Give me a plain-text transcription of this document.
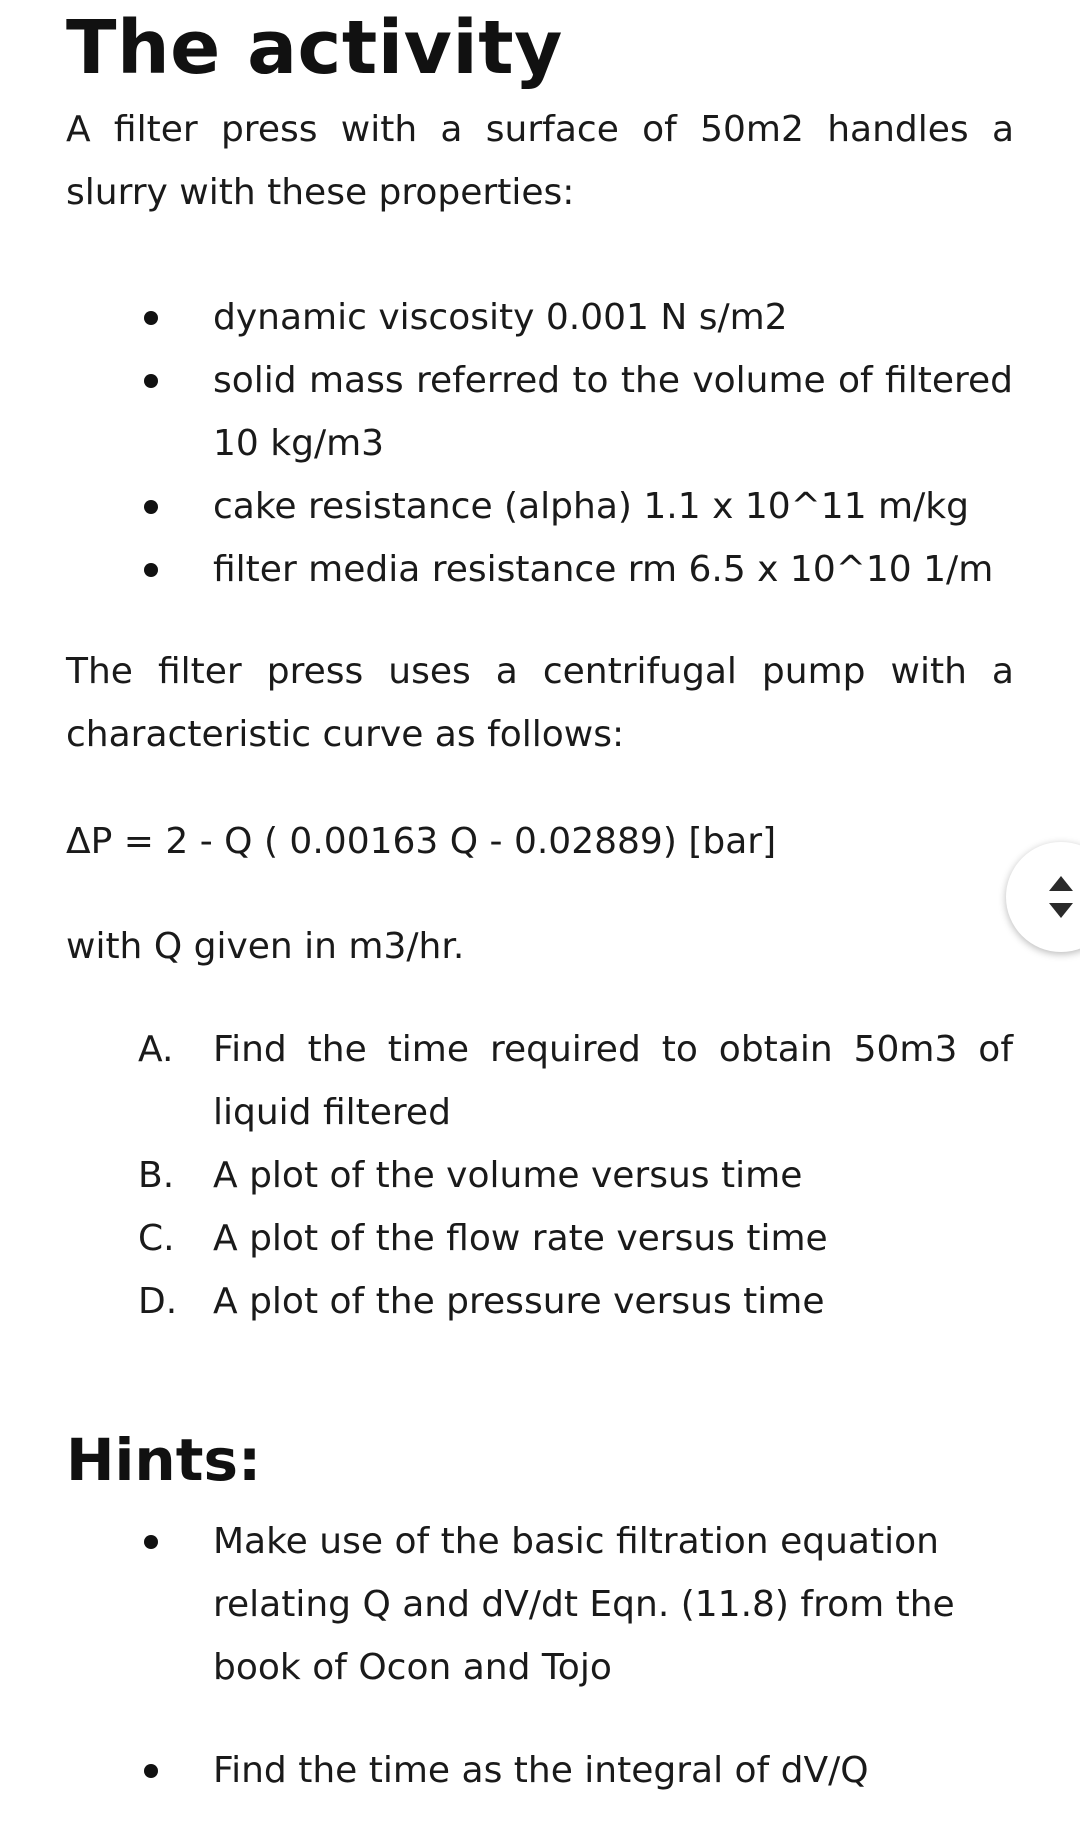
The activity

A filter press with a surface of 50m2 handles a slurry with these properties:

dynamic viscosity 0.001 N s/m2
solid mass referred to the volume of filtered 10 kg/m3
cake resistance (alpha) 1.1 x 10^11 m/kg
filter media resistance rm 6.5 x 10^10 1/m

The filter press uses a centrifugal pump with a characteristic curve as follows:

ΔP = 2 - Q ( 0.00163 Q - 0.02889) [bar]

with Q given in m3/hr.

A. Find the time required to obtain 50m3 of liquid filtered
B. A plot of the volume versus time
C. A plot of the flow rate versus time
D. A plot of the pressure versus time
Hints:
Make use of the basic filtration equation relating Q and dV/dt Eqn. (11.8) from the book of Ocon and Tojo
Find the time as the integral of dV/Q
